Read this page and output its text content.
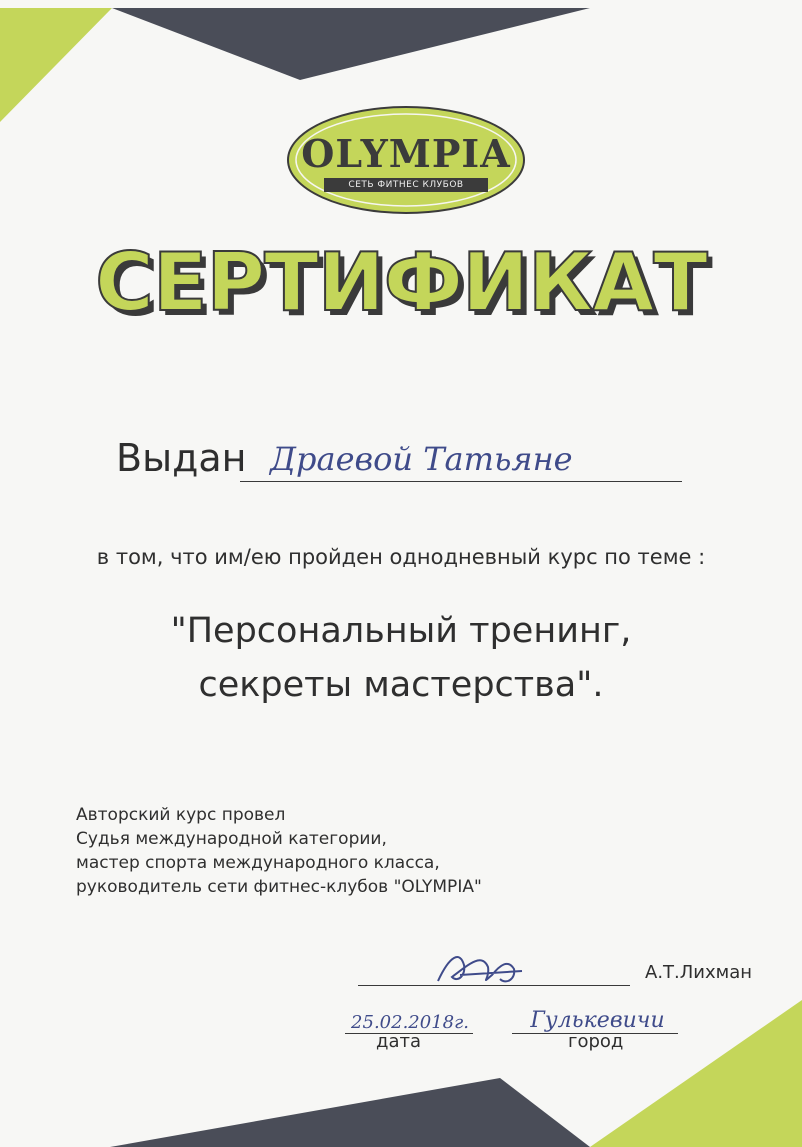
OLYMPIA
СЕТЬ ФИТНЕС КЛУБОВ
СЕРТИФИКАТ
Выдан Драевой Татьяне
в том, что им/ею пройден однодневный курс по теме :
"Персональный тренинг,
секреты мастерства".
Авторский курс провел
Судья международной категории,
мастер спорта международного класса,
руководитель сети фитнес-клубов "OLYMPIA"
А.Т.Лихман
25.02.2018г.
дата
Гулькевичи
город
